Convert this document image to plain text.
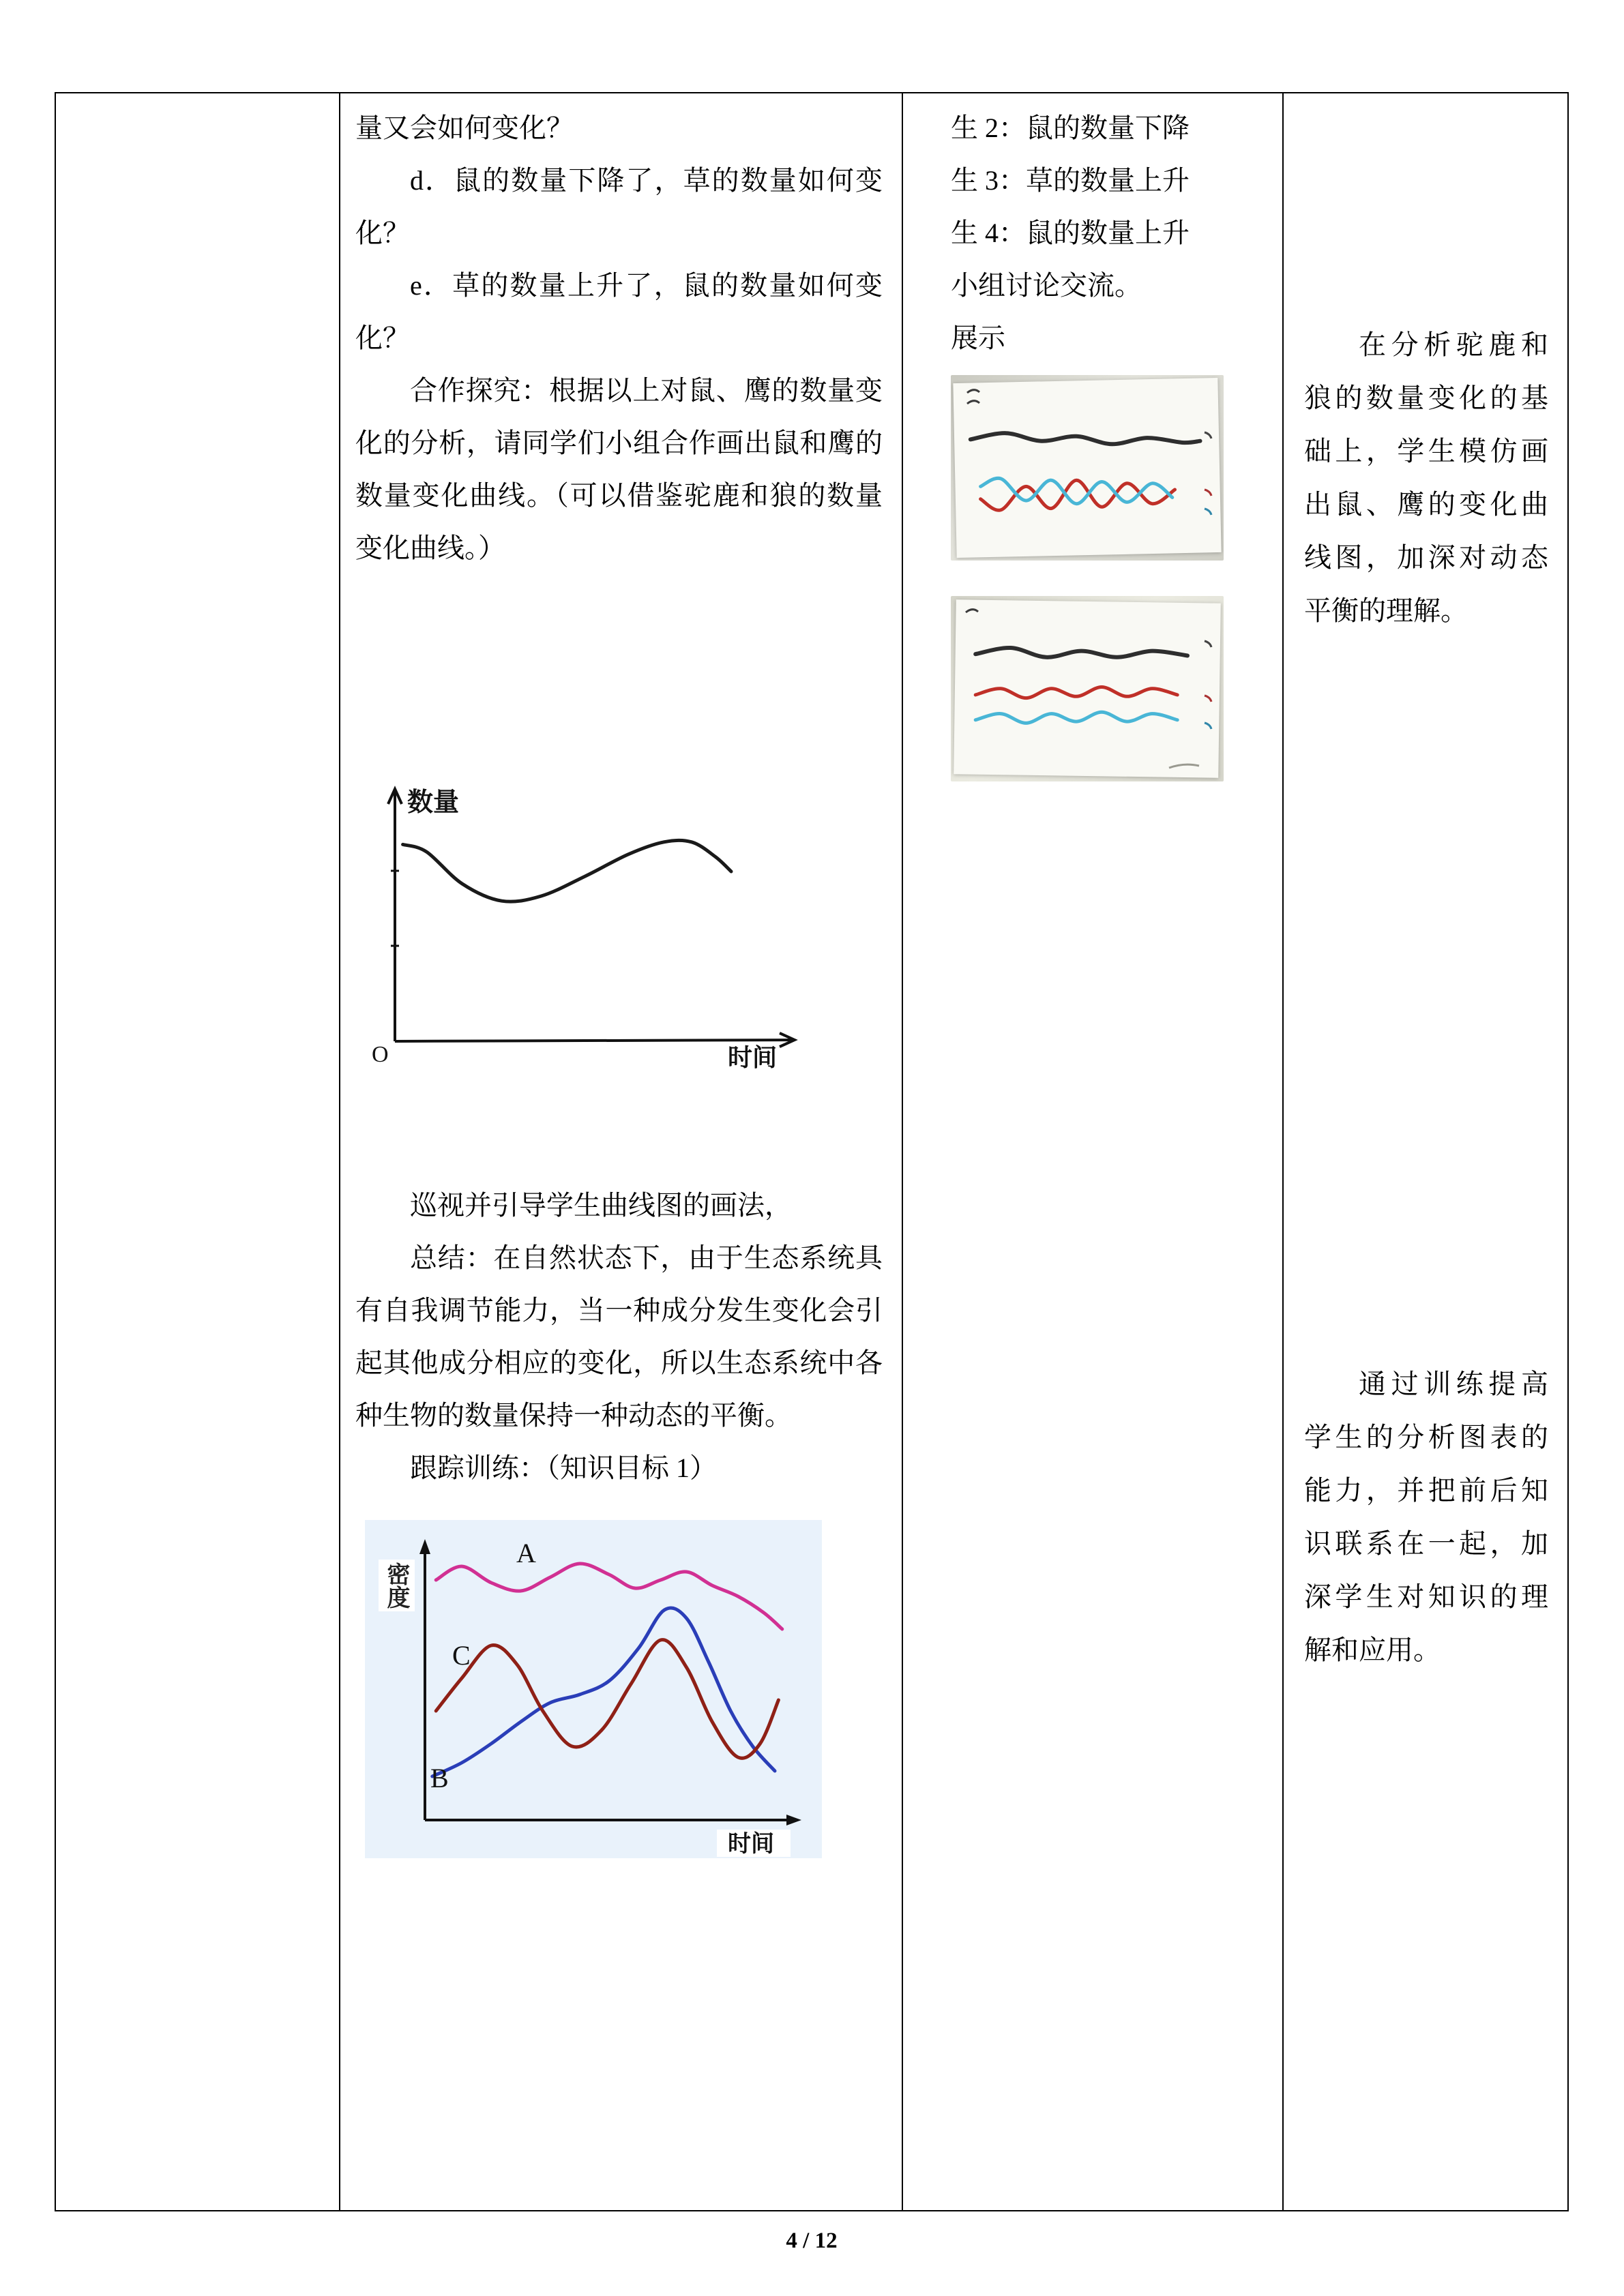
量又会如何变化？

d．鼠的数量下降了，草的数量如何变化？

e．草的数量上升了，鼠的数量如何变化？

合作探究：根据以上对鼠、鹰的数量变化的分析，请同学们小组合作画出鼠和鹰的数量变化曲线。（可以借鉴驼鹿和狼的数量变化曲线。）

数量
O	时间

巡视并引导学生曲线图的画法，

总结：在自然状态下，由于生态系统具有自我调节能力，当一种成分发生变化会引起其他成分相应的变化，所以生态系统中各种生物的数量保持一种动态的平衡。

跟踪训练：（知识目标 1）

A
C
B
时间
密度
生 2：鼠的数量下降
生 3：草的数量上升
生 4：鼠的数量上升
小组讨论交流。
展示	在分析驼鹿和狼的数量变化的基础上，学生模仿画出鼠、鹰的变化曲线图，加深对动态平衡的理解。

通过训练提高学生的分析图表的能力，并把前后知识联系在一起，加深学生对知识的理解和应用。

4 / 12
